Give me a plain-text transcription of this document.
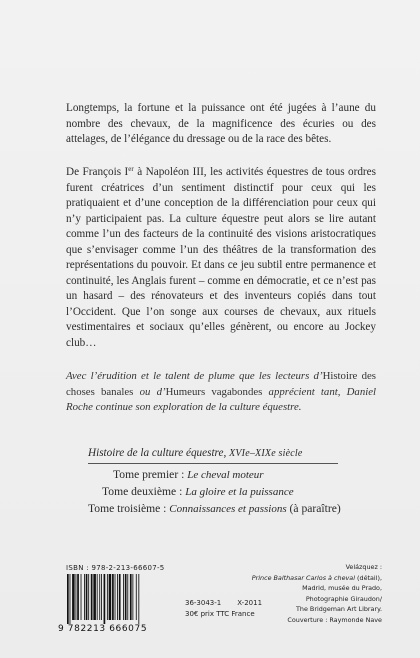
Longtemps, la fortune et la puissance ont été jugées à l’aune du nombre des chevaux, de la magnificence des écuries ou des attelages, de l’élégance du dressage ou de la race des bêtes.

De François Ier à Napoléon III, les activités équestres de tous ordres furent créatrices d’un sentiment distinctif pour ceux qui les pratiquaient et d’une conception de la différenciation pour ceux qui n’y participaient pas. La culture équestre peut alors se lire autant comme l’un des facteurs de la continuité des visions aristocratiques que s’envisager comme l’un des théâtres de la transformation des représentations du pouvoir. Et dans ce jeu subtil entre permanence et continuité, les Anglais furent – comme en démocratie, et ce n’est pas un hasard – des rénovateurs et des inventeurs copiés dans tout l’Occident. Que l’on songe aux courses de chevaux, aux rituels vestimentaires et sociaux qu’elles génèrent, ou encore au Jockey club…

Avec l’érudition et le talent de plume que les lecteurs d’Histoire des choses banales ou d’Humeurs vagabondes apprécient tant, Daniel Roche continue son exploration de la culture équestre.
Histoire de la culture équestre, XVIe–XIXe siècle
Tome premier : Le cheval moteur
Tome deuxième : La gloire et la puissance
Tome troisième : Connaissances et passions (à paraître)
ISBN : 978-2-213-66607-5
9 782213 666075
36-3043-1 X-2011
30€ prix TTC France
Velázquez :
Prince Balthasar Carlos à cheval (détail),
Madrid, musée du Prado,
Photographie Giraudon/
The Bridgeman Art Library.
Couverture : Raymonde Nave
